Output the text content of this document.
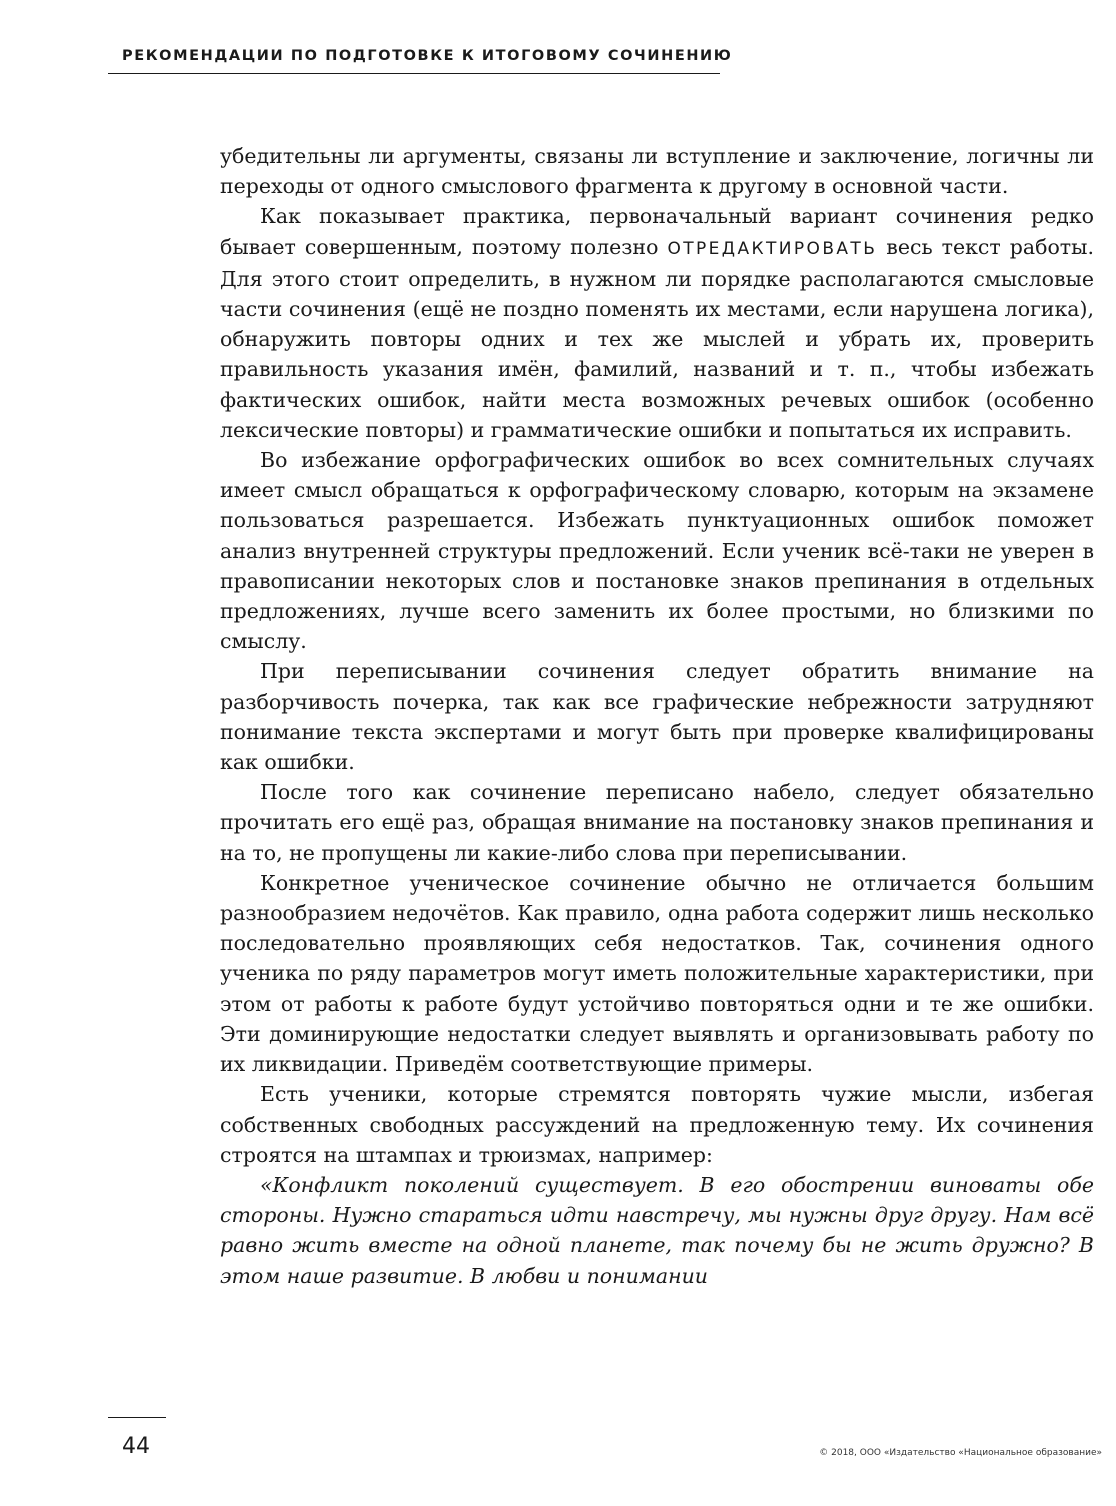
РЕКОМЕНДАЦИИ ПО ПОДГОТОВКЕ К ИТОГОВОМУ СОЧИНЕНИЮ

убедительны ли аргументы, связаны ли вступление и заключение, логичны ли переходы от одного смыслового фрагмента к другому в основной части.

Как показывает практика, первоначальный вариант сочинения редко бывает совершенным, поэтому полезно ОТРЕДАКТИРОВАТЬ весь текст работы. Для этого стоит определить, в нужном ли порядке располагаются смысловые части сочинения (ещё не поздно поменять их местами, если нарушена логика), обнаружить повторы одних и тех же мыслей и убрать их, проверить правильность указания имён, фамилий, названий и т. п., чтобы избежать фактических ошибок, найти места возможных речевых ошибок (особенно лексические повторы) и грамматические ошибки и попытаться их исправить.

Во избежание орфографических ошибок во всех сомнительных случаях имеет смысл обращаться к орфографическому словарю, которым на экзамене пользоваться разрешается. Избежать пунктуационных ошибок поможет анализ внутренней структуры предложений. Если ученик всё-таки не уверен в правописании некоторых слов и постановке знаков препинания в отдельных предложениях, лучше всего заменить их более простыми, но близкими по смыслу.

При переписывании сочинения следует обратить внимание на разборчивость почерка, так как все графические небрежности затрудняют понимание текста экспертами и могут быть при проверке квалифицированы как ошибки.

После того как сочинение переписано набело, следует обязательно прочитать его ещё раз, обращая внимание на постановку знаков препинания и на то, не пропущены ли какие-либо слова при переписывании.

Конкретное ученическое сочинение обычно не отличается большим разнообразием недочётов. Как правило, одна работа содержит лишь несколько последовательно проявляющих себя недостатков. Так, сочинения одного ученика по ряду параметров могут иметь положительные характеристики, при этом от работы к работе будут устойчиво повторяться одни и те же ошибки. Эти доминирующие недостатки следует выявлять и организовывать работу по их ликвидации. Приведём соответствующие примеры.

Есть ученики, которые стремятся повторять чужие мысли, избегая собственных свободных рассуждений на предложенную тему. Их сочинения строятся на штампах и трюизмах, например:

«Конфликт поколений существует. В его обострении виноваты обе стороны. Нужно стараться идти навстречу, мы нужны друг другу. Нам всё равно жить вместе на одной планете, так почему бы не жить дружно? В этом наше развитие. В любви и понимании

44	© 2018, ООО «Издательство «Национальное образование»
